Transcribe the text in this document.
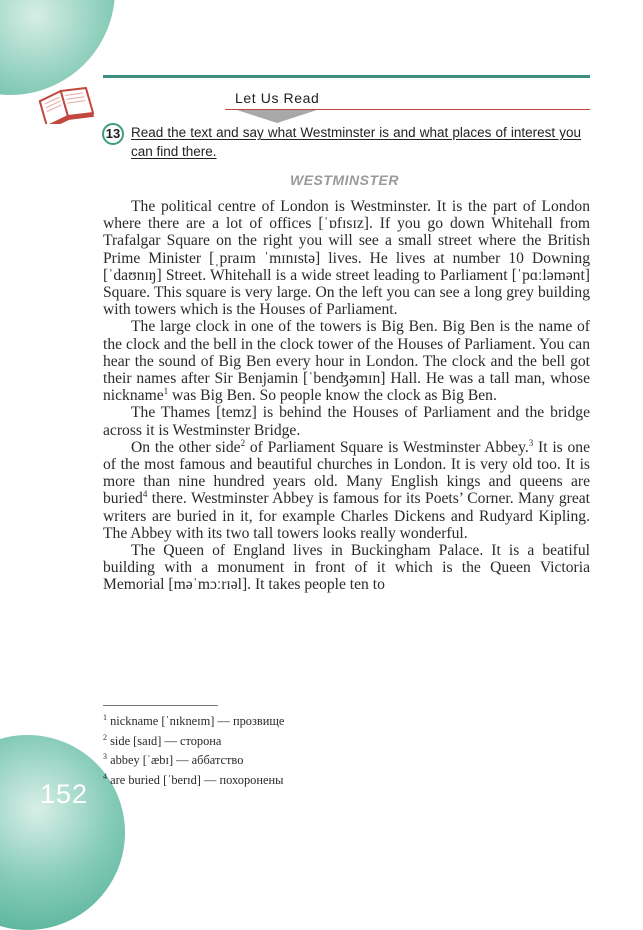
Let Us Read
13 Read the text and say what Westminster is and what places of interest you can find there.
WESTMINSTER

The political centre of London is Westminster. It is the part of London where there are a lot of offices [ˈɒfɪsɪz]. If you go down Whitehall from Trafalgar Square on the right you will see a small street where the British Prime Minister [ˌpraɪm ˈmɪnɪstə] lives. He lives at number 10 Downing [ˈdaʊnɪŋ] Street. Whitehall is a wide street leading to Parliament [ˈpɑːləmənt] Square. This square is very large. On the left you can see a long grey building with towers which is the Houses of Parliament.

The large clock in one of the towers is Big Ben. Big Ben is the name of the clock and the bell in the clock tower of the Houses of Parliament. You can hear the sound of Big Ben every hour in London. The clock and the bell got their names after Sir Benjamin [ˈbenʤəmɪn] Hall. He was a tall man, whose nickname$^1$ was Big Ben. So people know the clock as Big Ben.

The Thames [temz] is behind the Houses of Parliament and the bridge across it is Westminster Bridge.

On the other side$^2$ of Parliament Square is Westminster Abbey.$^3$ It is one of the most famous and beautiful churches in London. It is very old too. It is more than nine hundred years old. Many English kings and queens are buried$^4$ there. Westminster Abbey is famous for its Poets’ Corner. Many great writers are buried in it, for example Charles Dickens and Rudyard Kipling. The Abbey with its two tall towers looks really wonderful.

The Queen of England lives in Buckingham Palace. It is a beatiful building with a monument in front of it which is the Queen Victoria Memorial [məˈmɔːrɪəl]. It takes people ten to

$^1$ nickname [ˈnɪkneɪm] — прозвище
$^2$ side [saɪd] — сторона
$^3$ abbey [ˈæbɪ] — аббатство
$^4$ are buried [ˈberɪd] — похоронены
152
